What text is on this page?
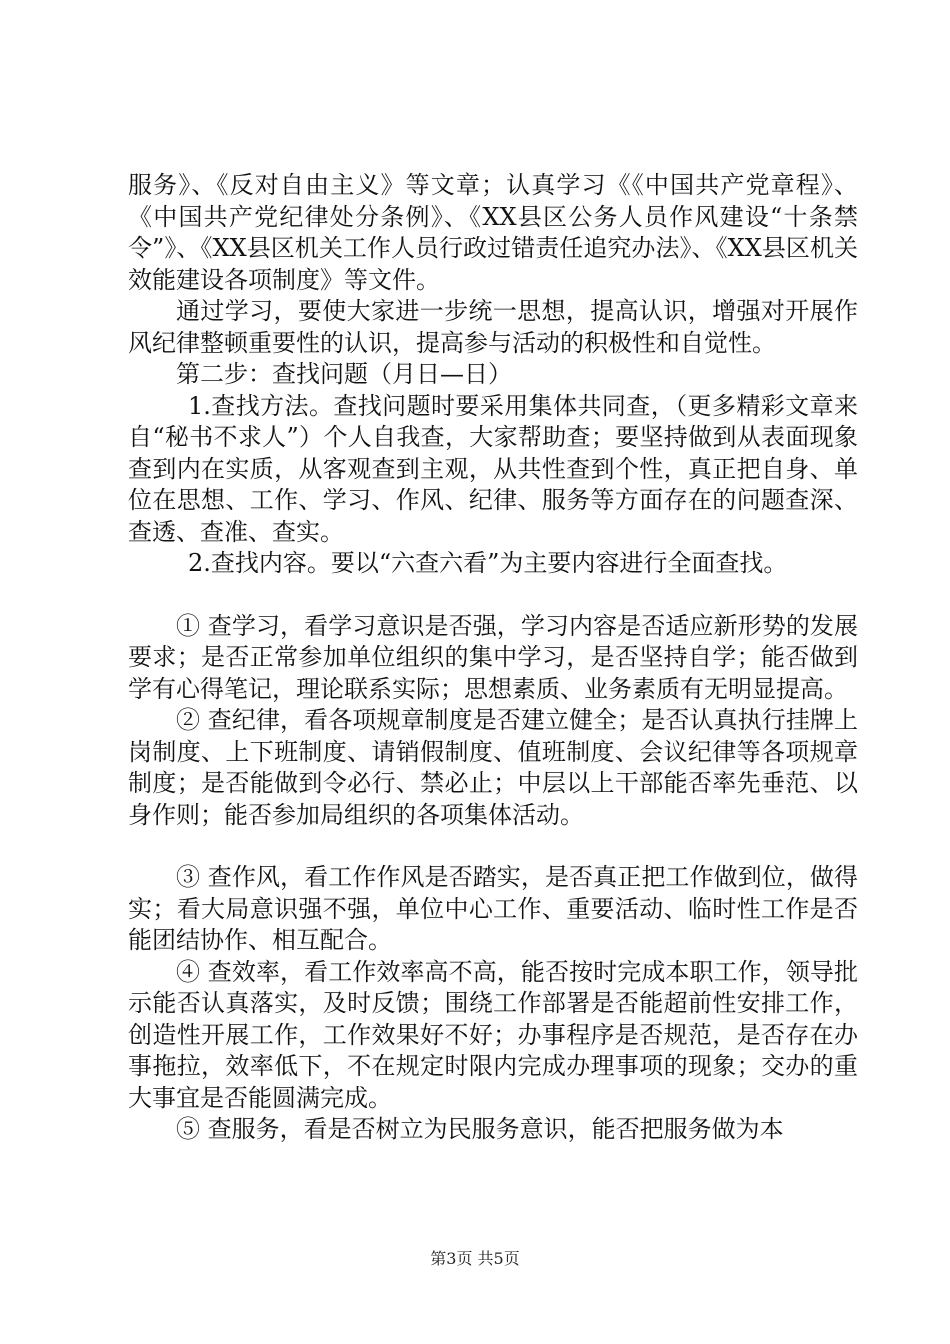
服务》、《反对自由主义》等文章；认真学习《《中国共产党章程》、《中国共产党纪律处分条例》、《XX县区公务人员作风建设“十条禁令”》、《XX县区机关工作人员行政过错责任追究办法》、《XX县区机关效能建设各项制度》等文件。

通过学习，要使大家进一步统一思想，提高认识，增强对开展作风纪律整顿重要性的认识，提高参与活动的积极性和自觉性。

第二步：查找问题（月日—日）

1.查找方法。查找问题时要采用集体共同查，（更多精彩文章来自“秘书不求人”）个人自我查，大家帮助查；要坚持做到从表面现象查到内在实质，从客观查到主观，从共性查到个性，真正把自身、单位在思想、工作、学习、作风、纪律、服务等方面存在的问题查深、查透、查准、查实。

2.查找内容。要以“六查六看”为主要内容进行全面查找。

① 查学习，看学习意识是否强，学习内容是否适应新形势的发展要求；是否正常参加单位组织的集中学习，是否坚持自学；能否做到学有心得笔记，理论联系实际；思想素质、业务素质有无明显提高。

② 查纪律，看各项规章制度是否建立健全；是否认真执行挂牌上岗制度、上下班制度、请销假制度、值班制度、会议纪律等各项规章制度；是否能做到令必行、禁必止；中层以上干部能否率先垂范、以身作则；能否参加局组织的各项集体活动。

③ 查作风，看工作作风是否踏实，是否真正把工作做到位，做得实；看大局意识强不强，单位中心工作、重要活动、临时性工作是否能团结协作、相互配合。

④ 查效率，看工作效率高不高，能否按时完成本职工作，领导批示能否认真落实，及时反馈；围绕工作部署是否能超前性安排工作，创造性开展工作，工作效果好不好；办事程序是否规范，是否存在办事拖拉，效率低下，不在规定时限内完成办理事项的现象；交办的重大事宜是否能圆满完成。

⑤ 查服务，看是否树立为民服务意识，能否把服务做为本

第3页 共5页
